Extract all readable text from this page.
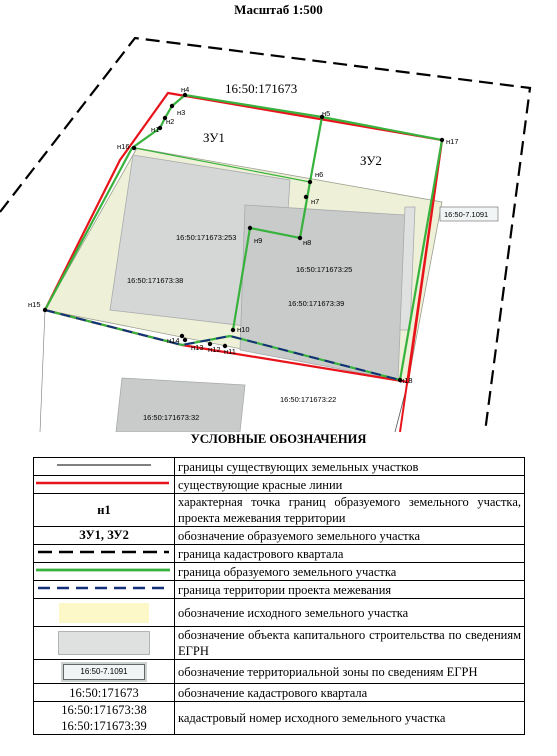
Масштаб 1:500
16:50:171673
ЗУ1
ЗУ2
16:50-7.1091
16:50:171673:253
16:50:171673:38
16:50:171673:25
16:50:171673:39
16:50:171673:22
16:50:171673:32
н1
н2
н3
н4
н5
н6
н7
н8
н9
н10
н11
н12
н13
н14
н15
н16
н17
н18
УСЛОВНЫЕ ОБОЗНАЧЕНИЯ
	границы существующих земельных участков
	существующие красные линии
н1	характерная точка границ образуемого земельного участка, проекта межевания территории
ЗУ1, ЗУ2	обозначение образуемого земельного участка
	граница кадастрового квартала
	граница образуемого земельного участка
	граница территории проекта межевания
	обозначение исходного земельного участка
	обозначение объекта капитального строительства по сведениям ЕГРН
16:50-7.1091	обозначение территориальной зоны по сведениям ЕГРН
16:50:171673	обозначение кадастрового квартала

16:50:171673:38
16:50:171673:39	кадастровый номер исходного земельного участка
